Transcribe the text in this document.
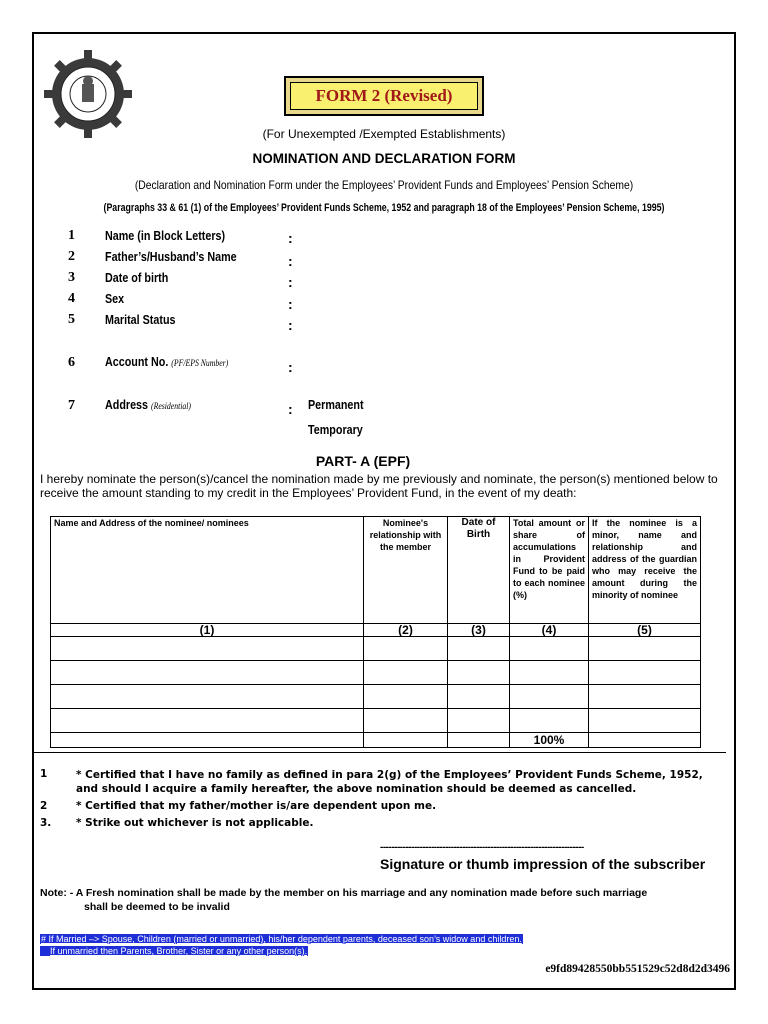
FORM 2 (Revised)
(For Unexempted /Exempted Establishments)
NOMINATION AND DECLARATION FORM
(Declaration and Nomination Form under the Employees’ Provident Funds and Employees’ Pension Scheme)
(Paragraphs 33 & 61 (1) of the Employees’ Provident Funds Scheme, 1952 and paragraph 18 of the Employees’ Pension Scheme, 1995)
1 Name (in Block Letters)	:
2 Father’s/Husband’s Name	:
3 Date of birth	:
4 Sex	:
5 Marital Status	:
6 Account No. (PF/EPS Number)	:
7 Address (Residential)	: Permanent
Temporary
PART- A (EPF)
I hereby nominate the person(s)/cancel the nomination made by me previously and nominate, the person(s) mentioned below to receive the amount standing to my credit in the Employees’ Provident Fund, in the event of my death:
Name and Address of the nominee/ nominees	Nominee's relationship with the member	Date of Birth	Total amount or share of accumulations in Provident Fund to be paid to each nominee (%)	If the nominee is a minor, name and relationship and address of the guardian who may receive the amount during the minority of nominee
(1)	(2)	(3)	(4)	(5)

			100%	
1	* Certified that I have no family as defined in para 2(g) of the Employees’ Provident Funds Scheme, 1952, and should I acquire a family hereafter, the above nomination should be deemed as cancelled.
2	* Certified that my father/mother is/are dependent upon me.
3. * Strike out whichever is not applicable.
------------------------------------------------------------------------
Signature or thumb impression of the subscriber
Note: - A Fresh nomination shall be made by the member on his marriage and any nomination made before such marriage
shall be deemed to be invalid
# If Married –> Spouse, Children (married or unmarried), his/her dependent parents, deceased son’s widow and children.
If unmarried then Parents, Brother, Sister or any other person(s).
e9fd89428550bb551529c52d8d2d3496
